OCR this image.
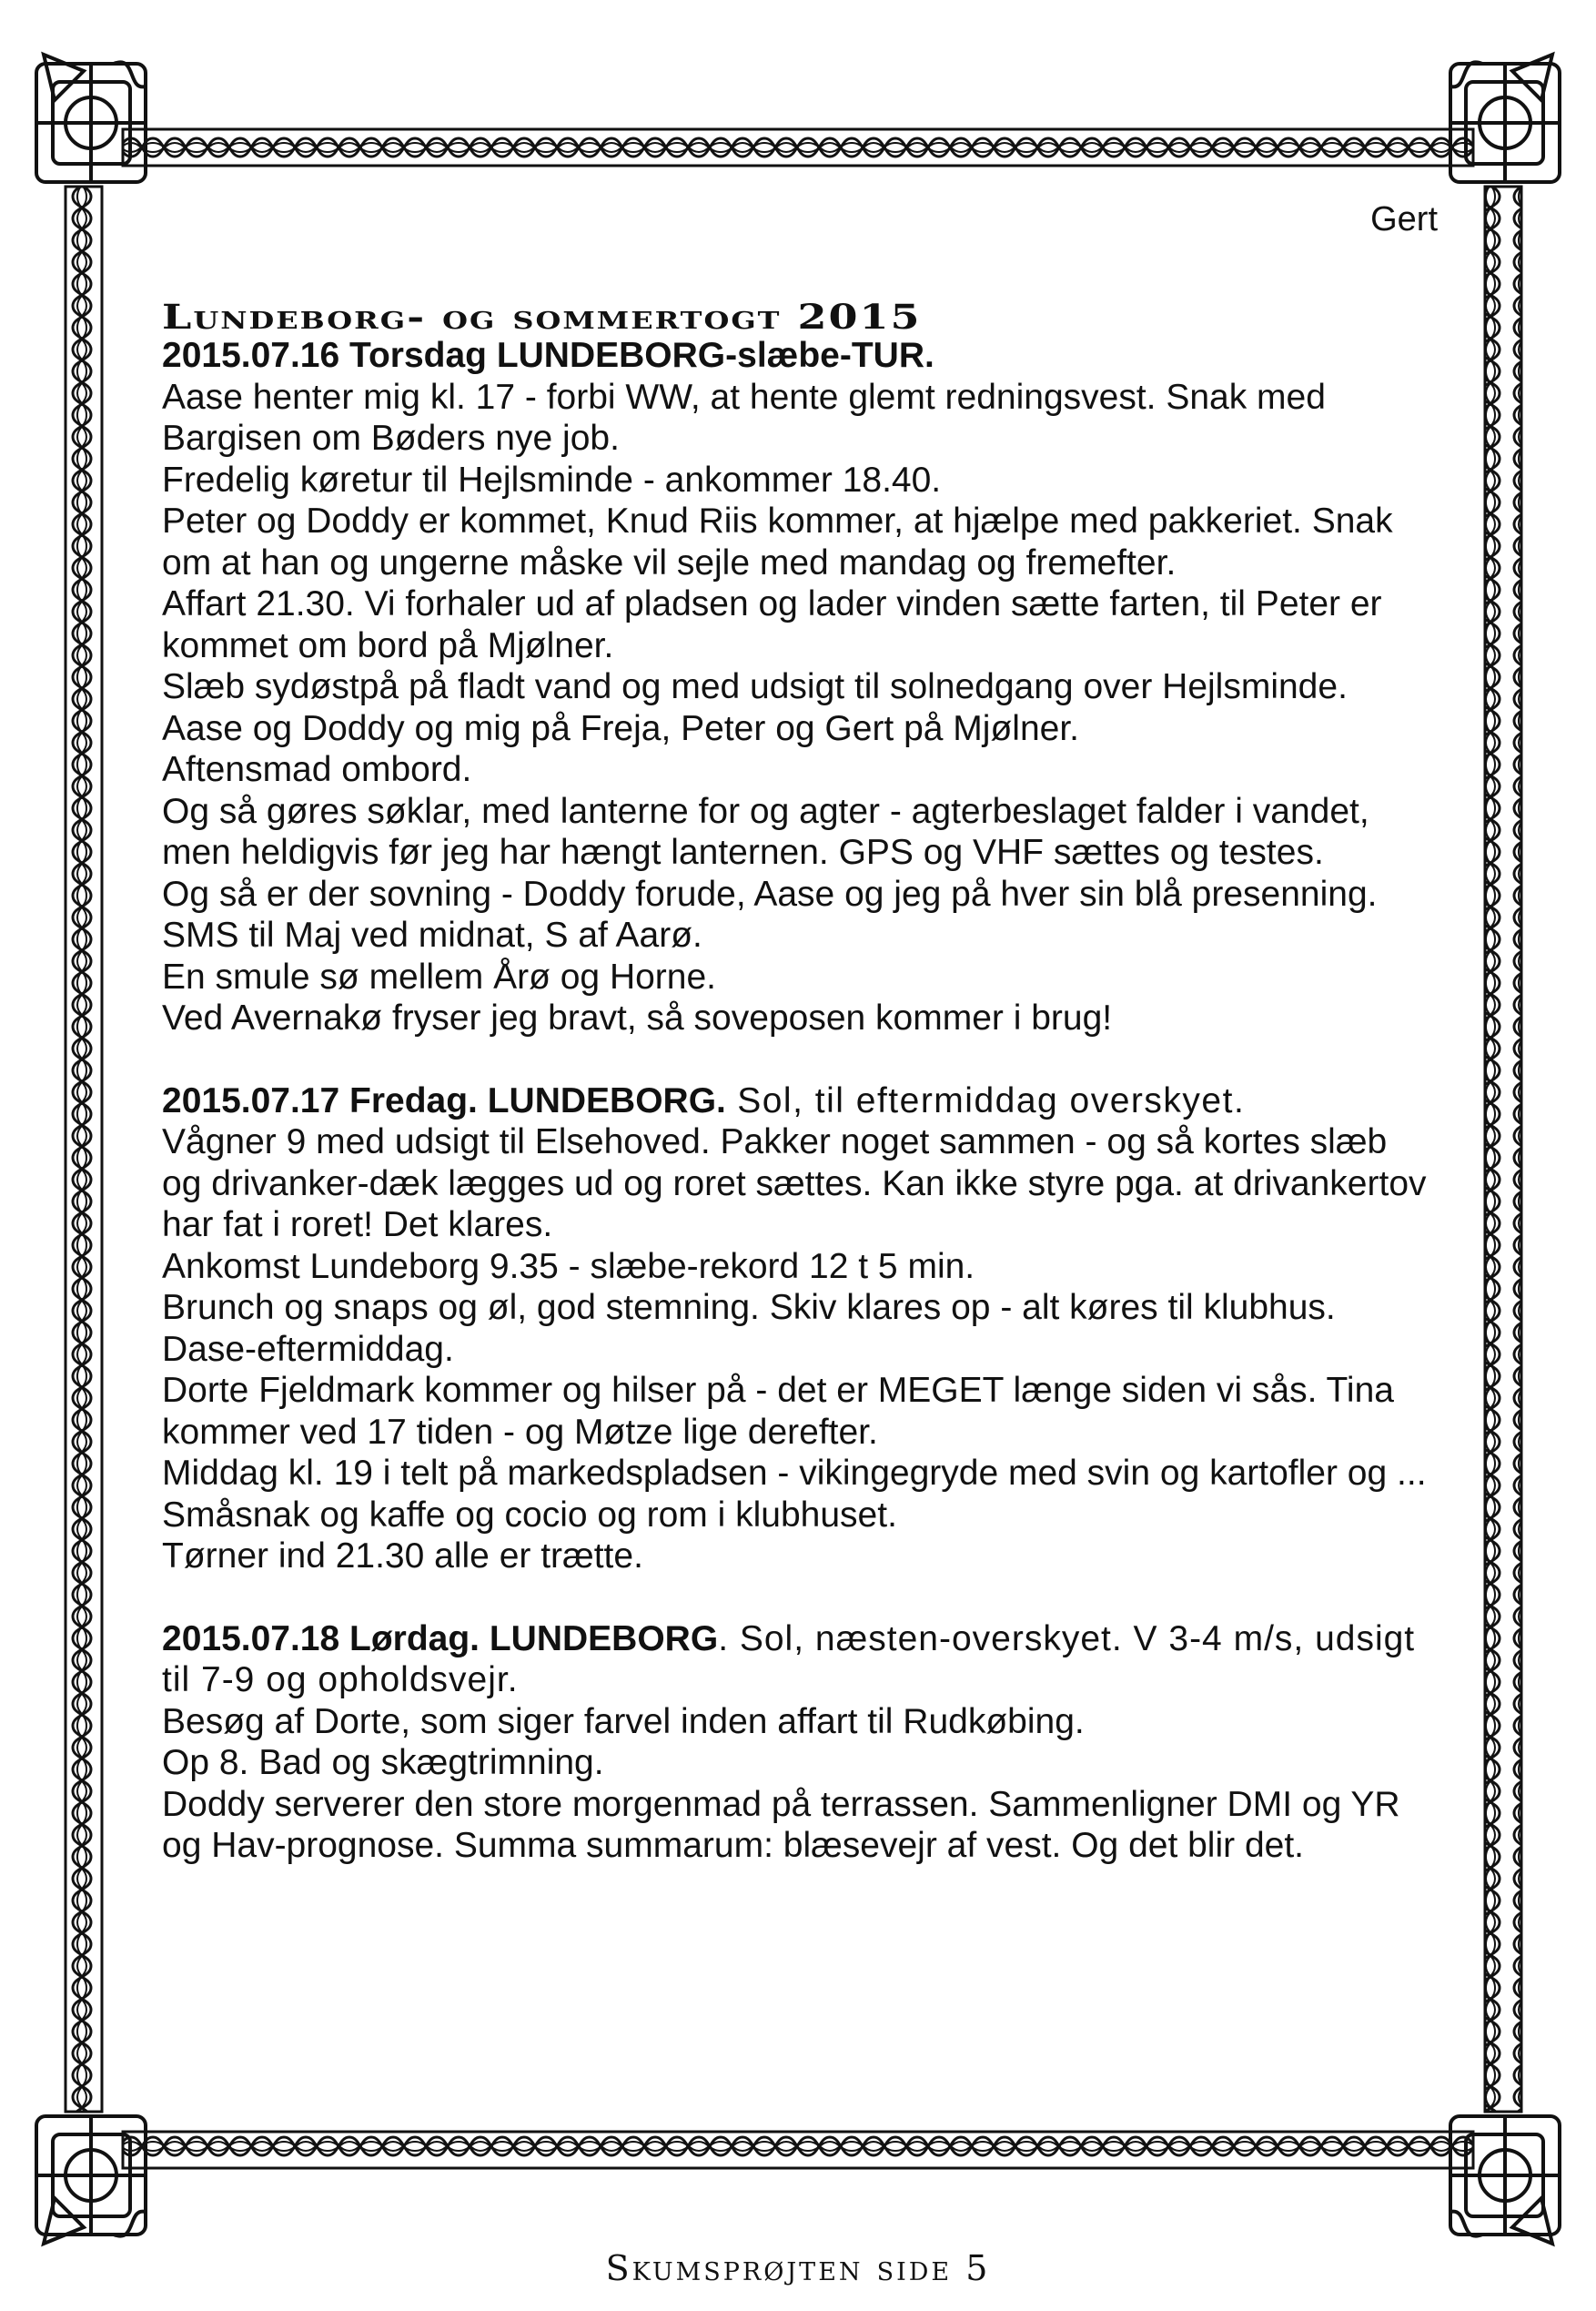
Gert
Lundeborg- og sommertogt 2015

2015.07.16 Torsdag LUNDEBORG-slæbe-TUR.

Aase henter mig kl. 17 - forbi WW, at hente glemt redningsvest. Snak med Bargisen om Bøders nye job.

Fredelig køretur til Hejlsminde - ankommer 18.40.

Peter og Doddy er kommet, Knud Riis kommer, at hjælpe med pakkeriet. Snak om at han og ungerne måske vil sejle med mandag og fremefter.

Affart 21.30. Vi forhaler ud af pladsen og lader vinden sætte farten, til Peter er kommet om bord på Mjølner.

Slæb sydøstpå på fladt vand og med udsigt til solnedgang over Hejlsminde. Aase og Doddy og mig på Freja, Peter og Gert på Mjølner.

Aftensmad ombord.

Og så gøres søklar, med lanterne for og agter - agterbeslaget falder i vandet, men heldigvis før jeg har hængt lanternen. GPS og VHF sættes og testes.

Og så er der sovning - Doddy forude, Aase og jeg på hver sin blå presenning. SMS til Maj ved midnat, S af Aarø.

En smule sø mellem Årø og Horne.

Ved Avernakø fryser jeg bravt, så soveposen kommer i brug!

2015.07.17 Fredag. LUNDEBORG. Sol, til eftermiddag overskyet.

Vågner 9 med udsigt til Elsehoved. Pakker noget sammen - og så kortes slæb og drivanker-dæk lægges ud og roret sættes. Kan ikke styre pga. at drivankertov har fat i roret! Det klares.

Ankomst Lundeborg 9.35 - slæbe-rekord 12 t 5 min.

Brunch og snaps og øl, god stemning. Skiv klares op - alt køres til klubhus.

Dase-eftermiddag.

Dorte Fjeldmark kommer og hilser på - det er MEGET længe siden vi sås. Tina kommer ved 17 tiden - og Møtze lige derefter.

Middag kl. 19 i telt på markedspladsen - vikingegryde med svin og kartofler og ...

Småsnak og kaffe og cocio og rom i klubhuset.

Tørner ind 21.30 alle er trætte.

2015.07.18 Lørdag. LUNDEBORG. Sol, næsten-overskyet. V 3-4 m/s, udsigt til 7-9 og opholdsvejr.

Besøg af Dorte, som siger farvel inden affart til Rudkøbing.

Op 8. Bad og skægtrimning.

Doddy serverer den store morgenmad på terrassen. Sammenligner DMI og YR og Hav-prognose. Summa summarum: blæsevejr af vest. Og det blir det.

Skumsprøjten side 5
